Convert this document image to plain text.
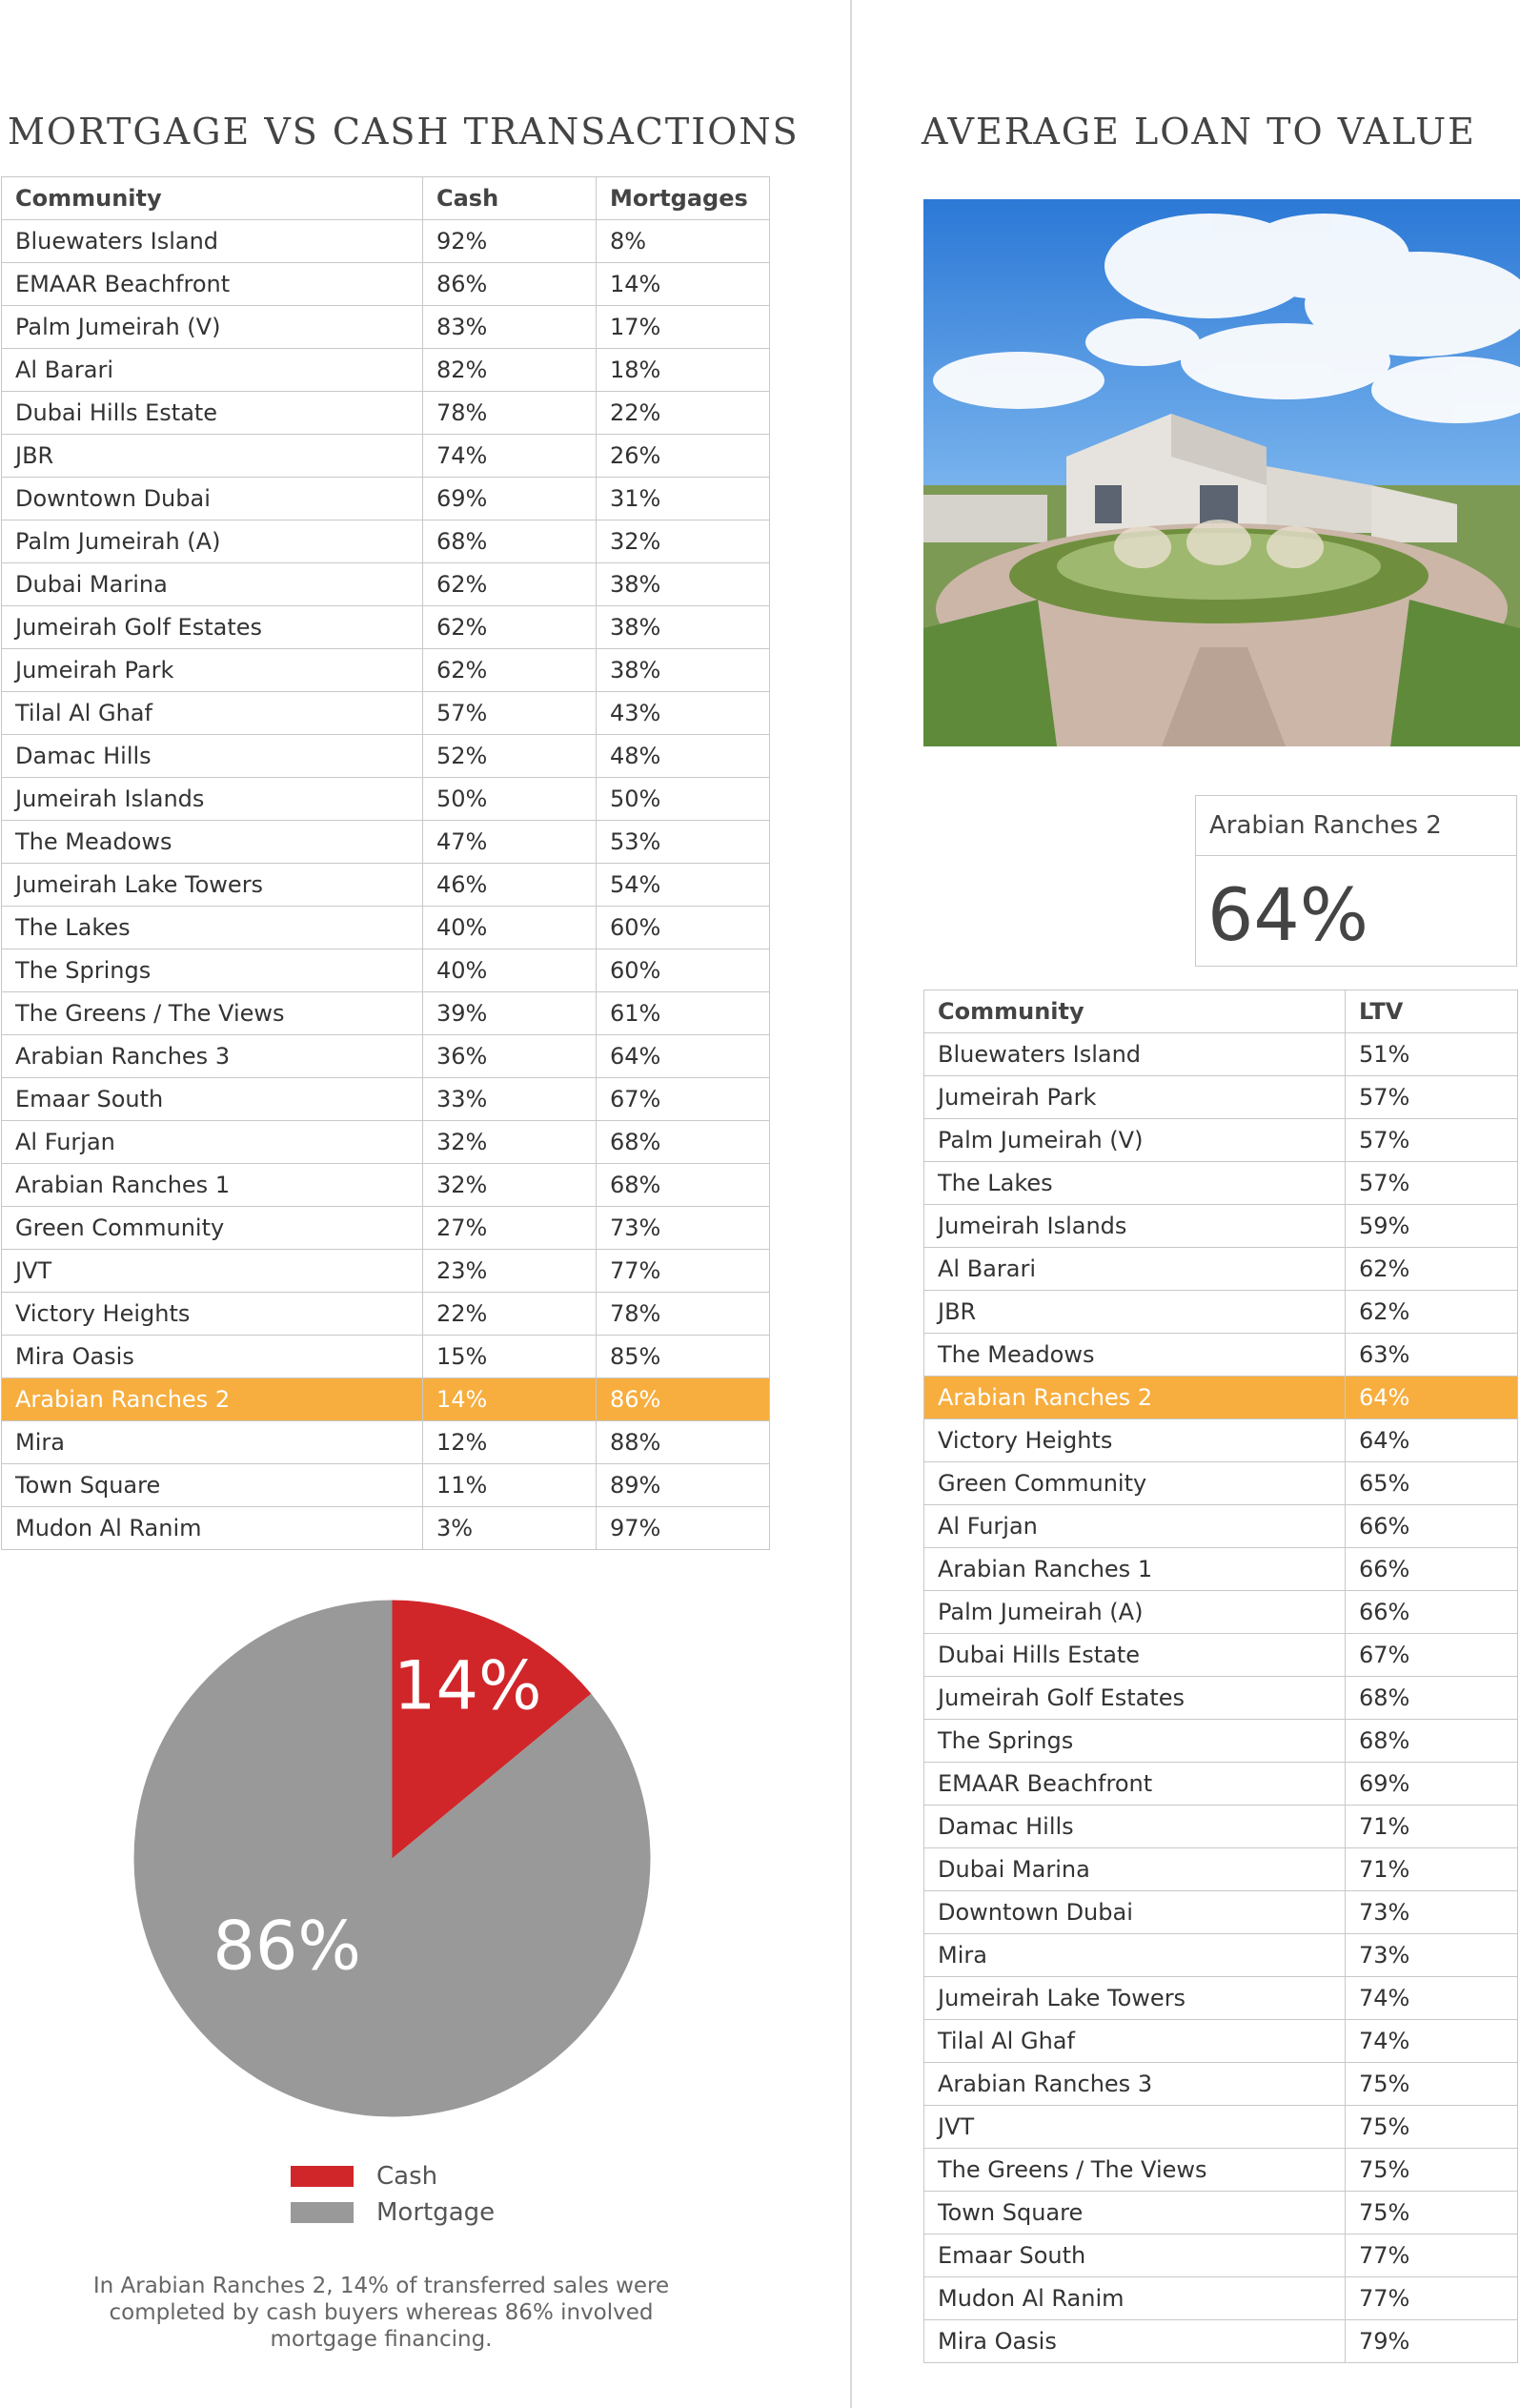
MORTGAGE VS CASH TRANSACTIONS	AVERAGE LOAN TO VALUE
Community	Cash	Mortgages
Bluewaters Island	92%	8%
EMAAR Beachfront	86%	14%
Palm Jumeirah (V)	83%	17%
Al Barari	82%	18%
Dubai Hills Estate	78%	22%
JBR	74%	26%
Downtown Dubai	69%	31%
Palm Jumeirah (A)	68%	32%
Dubai Marina	62%	38%
Jumeirah Golf Estates	62%	38%
Jumeirah Park	62%	38%
Tilal Al Ghaf	57%	43%
Damac Hills	52%	48%
Jumeirah Islands	50%	50%
The Meadows	47%	53%
Jumeirah Lake Towers	46%	54%
The Lakes	40%	60%
The Springs	40%	60%
The Greens / The Views	39%	61%
Arabian Ranches 3	36%	64%
Emaar South	33%	67%
Al Furjan	32%	68%
Arabian Ranches 1	32%	68%
Green Community	27%	73%
JVT	23%	77%
Victory Heights	22%	78%
Mira Oasis	15%	85%
Arabian Ranches 2	14%	86%
Mira	12%	88%
Town Square	11%	89%
Mudon Al Ranim	3%	97%
Arabian Ranches 2
64%
Community	LTV
Bluewaters Island	51%
Jumeirah Park	57%
Palm Jumeirah (V)	57%
The Lakes	57%
Jumeirah Islands	59%
Al Barari	62%
JBR	62%
The Meadows	63%
Arabian Ranches 2	64%
Victory Heights	64%
Green Community	65%
Al Furjan	66%
Arabian Ranches 1	66%
Palm Jumeirah (A)	66%
Dubai Hills Estate	67%
Jumeirah Golf Estates	68%
The Springs	68%
EMAAR Beachfront	69%
Damac Hills	71%
Dubai Marina	71%
Downtown Dubai	73%
Mira	73%
Jumeirah Lake Towers	74%
Tilal Al Ghaf	74%
Arabian Ranches 3	75%
JVT	75%
The Greens / The Views	75%
Town Square	75%
Emaar South	77%
Mudon Al Ranim	77%
Mira Oasis	79%
14%
86%
Cash
Mortgage
In Arabian Ranches 2, 14% of transferred sales were completed by cash buyers whereas 86% involved mortgage financing.
